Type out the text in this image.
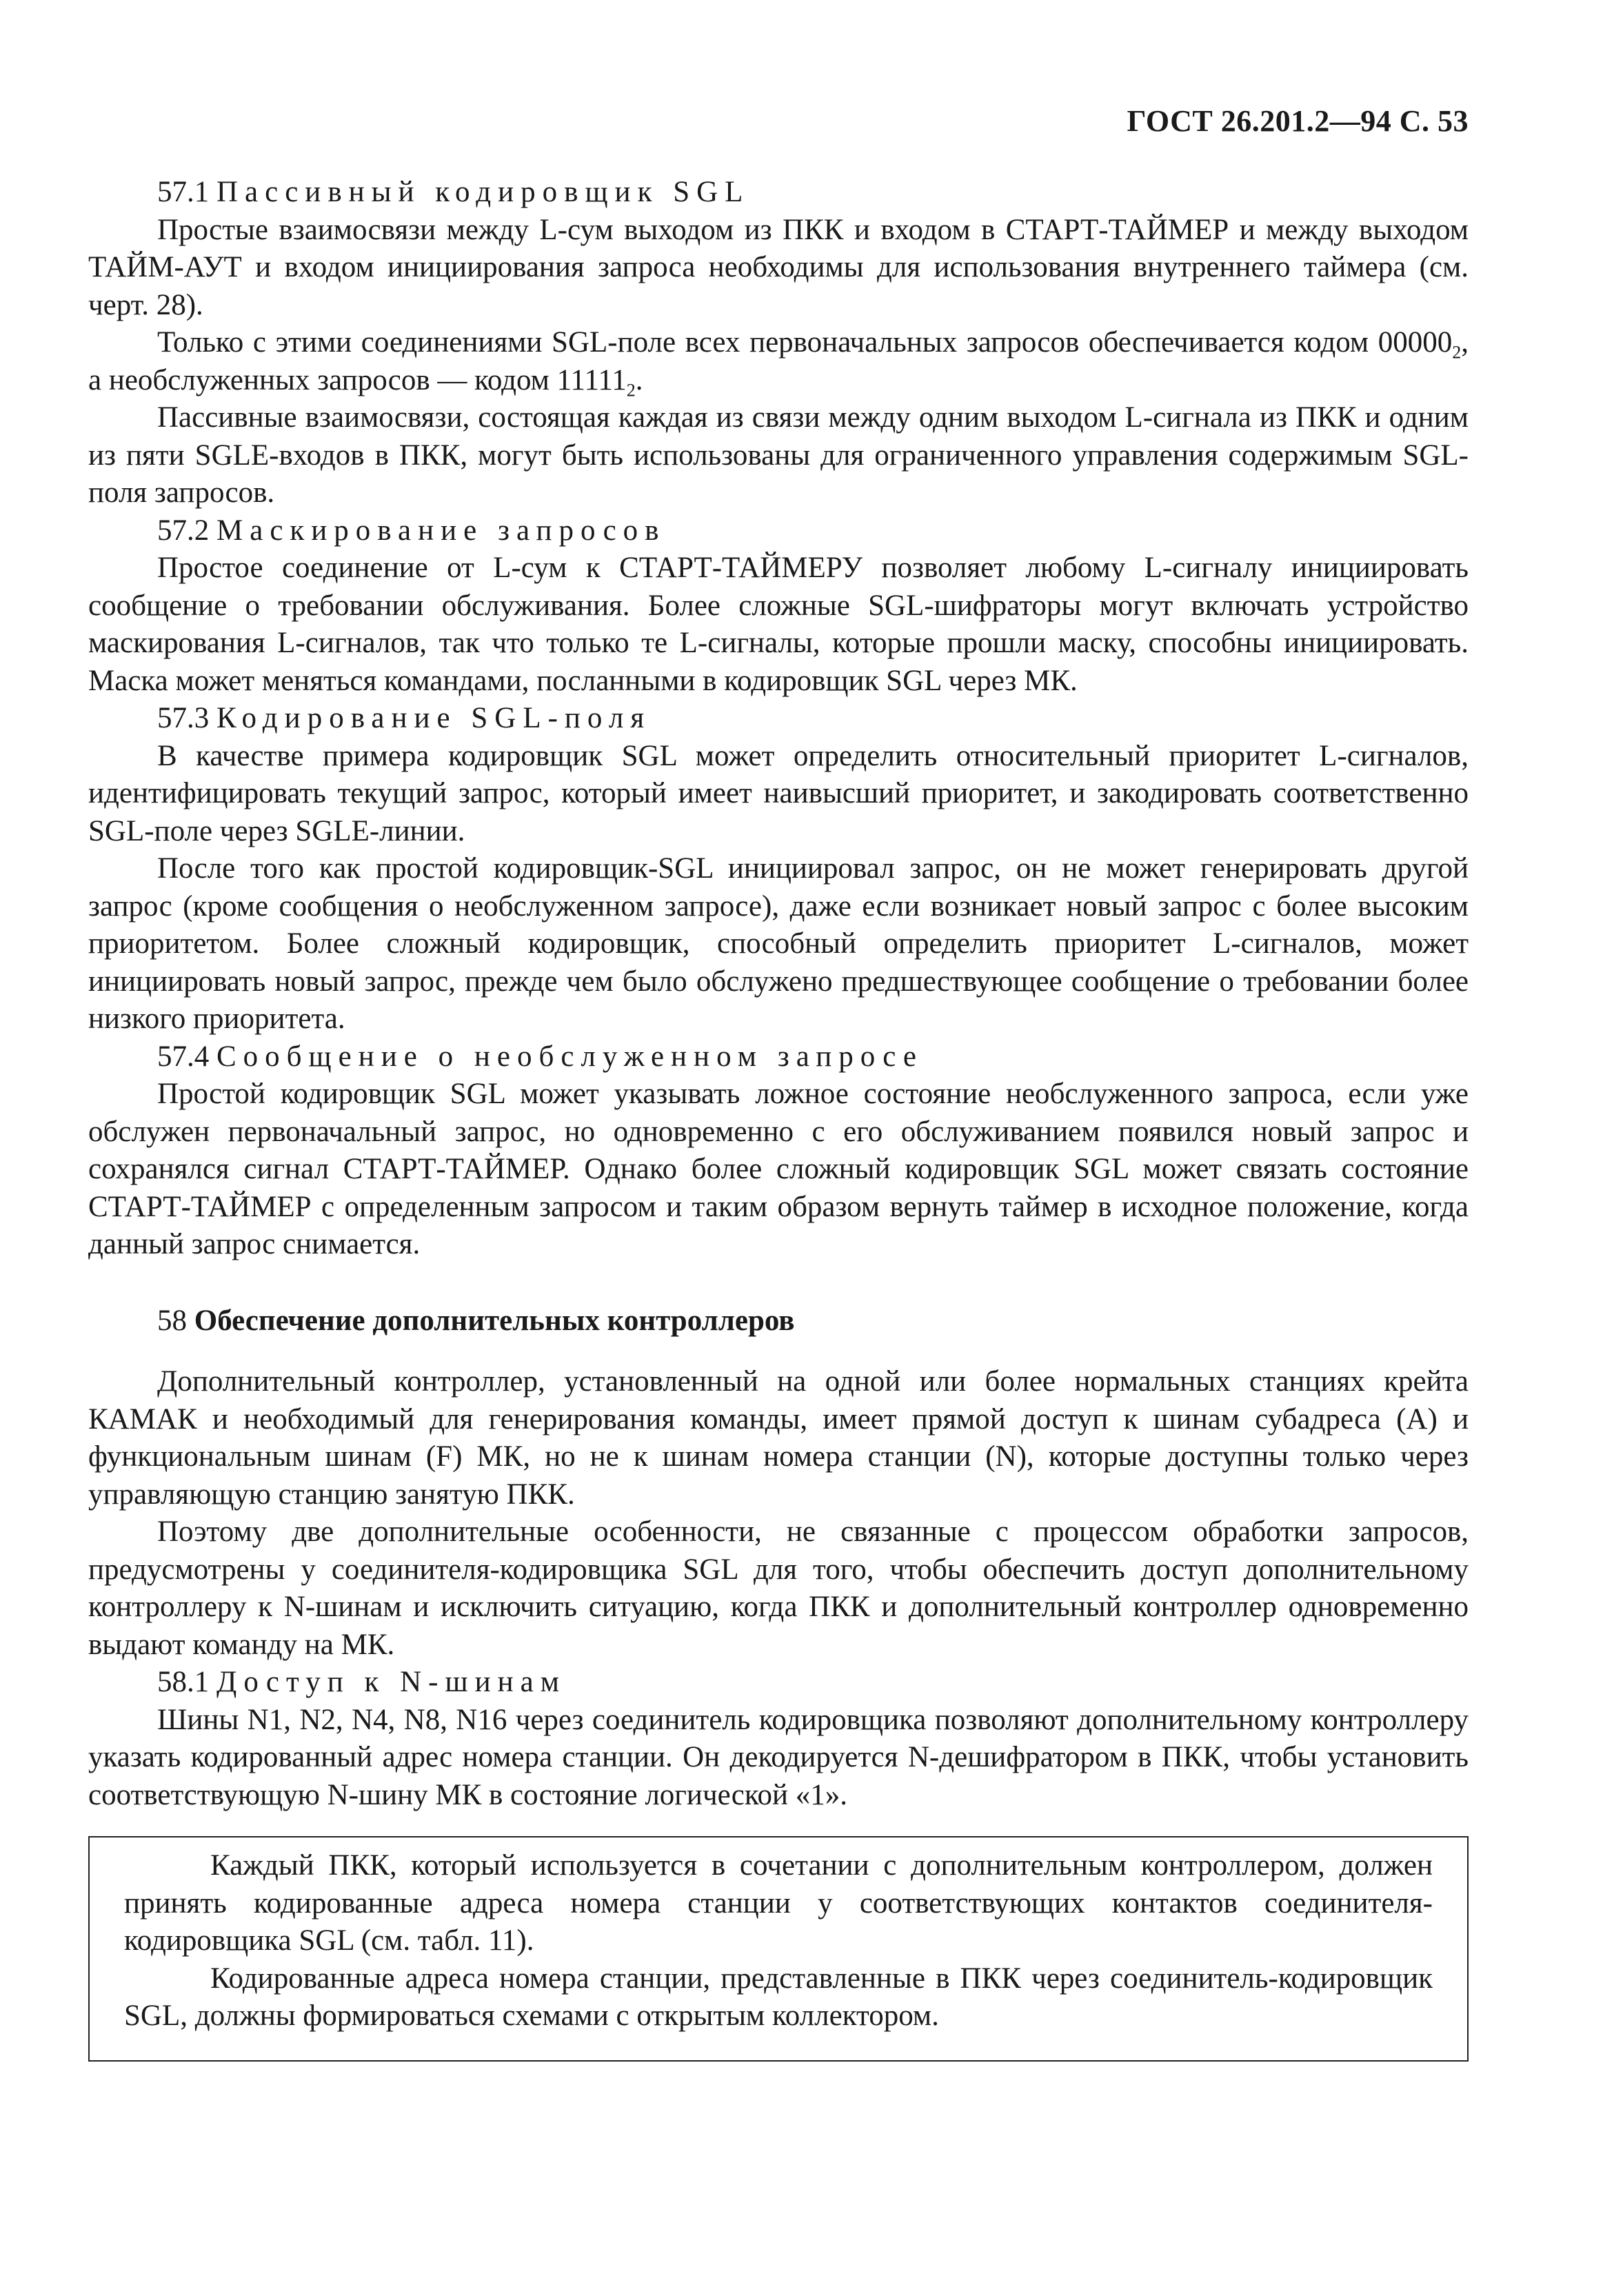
ГОСТ 26.201.2—94 С. 53
57.1 Пассивный кодировщик SGL

Простые взаимосвязи между L-сум выходом из ПКК и входом в СТАРТ-ТАЙМЕР и между выходом ТАЙМ-АУТ и входом инициирования запроса необходимы для использования внутреннего таймера (см. черт. 28).

Только с этими соединениями SGL-поле всех первоначальных запросов обеспечивается кодом $00000_2$, а необслуженных запросов — кодом $11111_2$.

Пассивные взаимосвязи, состоящая каждая из связи между одним выходом L-сигнала из ПКК и одним из пяти SGLE-входов в ПКК, могут быть использованы для ограниченного управления содержимым SGL-поля запросов.

57.2 Маскирование запросов

Простое соединение от L-сум к СТАРТ-ТАЙМЕРУ позволяет любому L-сигналу инициировать сообщение о требовании обслуживания. Более сложные SGL-шифраторы могут включать устройство маскирования L-сигналов, так что только те L-сигналы, которые прошли маску, способны инициировать. Маска может меняться командами, посланными в кодировщик SGL через МК.

57.3 Кодирование SGL-поля

В качестве примера кодировщик SGL может определить относительный приоритет L-сигналов, идентифицировать текущий запрос, который имеет наивысший приоритет, и закодировать соответственно SGL-поле через SGLE-линии.

После того как простой кодировщик-SGL инициировал запрос, он не может генерировать другой запрос (кроме сообщения о необслуженном запросе), даже если возникает новый запрос с более высоким приоритетом. Более сложный кодировщик, способный определить приоритет L-сигналов, может инициировать новый запрос, прежде чем было обслужено предшествующее сообщение о требовании более низкого приоритета.

57.4 Сообщение о необслуженном запросе

Простой кодировщик SGL может указывать ложное состояние необслуженного запроса, если уже обслужен первоначальный запрос, но одновременно с его обслуживанием появился новый запрос и сохранялся сигнал СТАРТ-ТАЙМЕР. Однако более сложный кодировщик SGL может связать состояние СТАРТ-ТАЙМЕР с определенным запросом и таким образом вернуть таймер в исходное положение, когда данный запрос снимается.

58 Обеспечение дополнительных контроллеров

Дополнительный контроллер, установленный на одной или более нормальных станциях крейта КАМАК и необходимый для генерирования команды, имеет прямой доступ к шинам субадреса (А) и функциональным шинам (F) МК, но не к шинам номера станции (N), которые доступны только через управляющую станцию занятую ПКК.

Поэтому две дополнительные особенности, не связанные с процессом обработки запросов, предусмотрены у соединителя-кодировщика SGL для того, чтобы обеспечить доступ дополнительному контроллеру к N-шинам и исключить ситуацию, когда ПКК и дополнительный контроллер одновременно выдают команду на МК.

58.1 Доступ к N-шинам

Шины N1, N2, N4, N8, N16 через соединитель кодировщика позволяют дополнительному контроллеру указать кодированный адрес номера станции. Он декодируется N-дешифратором в ПКК, чтобы установить соответствующую N-шину МК в состояние логической «1».

Каждый ПКК, который используется в сочетании с дополнительным контроллером, должен принять кодированные адреса номера станции у соответствующих контактов соединителя-кодировщика SGL (см. табл. 11).

Кодированные адреса номера станции, представленные в ПКК через соединитель-кодировщик SGL, должны формироваться схемами с открытым коллектором.
